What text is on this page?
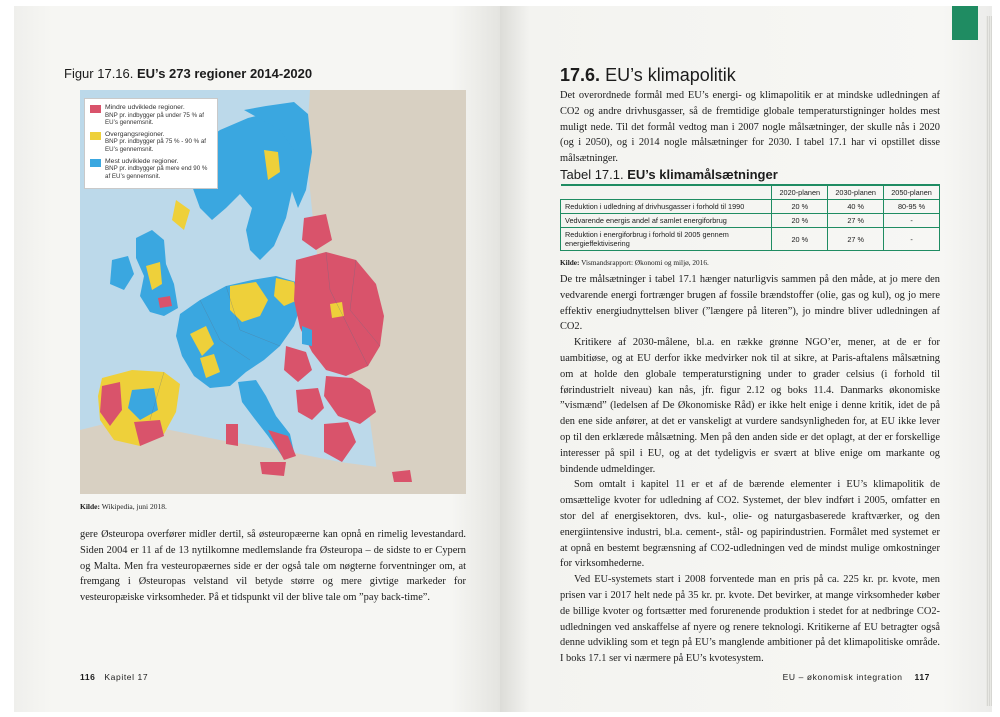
Figur 17.16. EU’s 273 regioner 2014-2020
Mindre udviklede regioner.
BNP pr. indbygger på under 75 % af EU’s gennemsnit.
Overgangsregioner.
BNP pr. indbygger på 75 % - 90 % af EU’s gennemsnit.
Mest udviklede regioner.
BNP pr. indbygger på mere end 90 % af EU’s gennemsnit.
Kilde: Wikipedia, juni 2018.

gere Østeuropa overfører midler dertil, så østeuropæerne kan opnå en rimelig levestandard. Siden 2004 er 11 af de 13 nytilkomne medlemslande fra Østeuropa – de sidste to er Cypern og Malta. Men fra vesteuropæernes side er der også tale om nøgterne forventninger om, at fremgang i Østeuropas velstand vil betyde større og mere givtige markeder for vesteuropæiske virksomheder. På et tidspunkt vil der blive tale om ”pay back-time”.

116 Kapitel 17
17.6. EU’s klimapolitik

Det overordnede formål med EU’s energi- og klimapolitik er at mindske udledningen af CO2 og andre drivhusgasser, så de fremtidige globale temperaturstigninger holdes mest muligt nede. Til det formål vedtog man i 2007 nogle målsætninger, der skulle nås i 2020 (og i 2050), og i 2014 nogle målsætninger for 2030. I tabel 17.1 har vi opstillet disse målsætninger.

Tabel 17.1. EU’s klimamålsætninger
	2020-planen	2030-planen	2050-planen
Reduktion i udledning af drivhusgasser i forhold til 1990	20 %	40 %	80-95 %
Vedvarende energis andel af samlet energiforbrug	20 %	27 %	-
Reduktion i energiforbrug i forhold til 2005 gennem energieffektivisering	20 %	27 %	-
Kilde: Vismandsrapport: Økonomi og miljø, 2016.

De tre målsætninger i tabel 17.1 hænger naturligvis sammen på den måde, at jo mere den vedvarende energi fortrænger brugen af fossile brændstoffer (olie, gas og kul), og jo mere effektiv energiudnyttelsen bliver (”længere på literen”), jo mindre bliver udledningen af CO2.

Kritikere af 2030-målene, bl.a. en række grønne NGO’er, mener, at de er for uambitiøse, og at EU derfor ikke medvirker nok til at sikre, at Paris-aftalens målsætning om at holde den globale temperaturstigning under to grader celsius (i forhold til førindustrielt niveau) kan nås, jfr. figur 2.12 og boks 11.4. Danmarks økonomiske ”vismænd” (ledelsen af De Økonomiske Råd) er ikke helt enige i denne kritik, idet de på den ene side anfører, at det er vanskeligt at vurdere sandsynligheden for, at EU ikke lever op til den erklærede målsætning. Men på den anden side er det oplagt, at der er forskellige interesser på spil i EU, og at det tydeligvis er svært at blive enige om markante og bindende udmeldinger.

Som omtalt i kapitel 11 er et af de bærende elementer i EU’s klimapolitik de omsættelige kvoter for udledning af CO2. Systemet, der blev indført i 2005, omfatter en stor del af energisektoren, dvs. kul-, olie- og naturgasbaserede kraftværker, og den energiintensive industri, bl.a. cement-, stål- og papirindustrien. Formålet med systemet er at opnå en bestemt begrænsning af CO2-udledningen ved de mindst mulige omkostninger for virksomhederne.

Ved EU-systemets start i 2008 forventede man en pris på ca. 225 kr. pr. kvote, men prisen var i 2017 helt nede på 35 kr. pr. kvote. Det bevirker, at mange virksomheder køber de billige kvoter og fortsætter med forurenende produktion i stedet for at nedbringe CO2-udledningen ved anskaffelse af nyere og renere teknologi. Kritikerne af EU betragter også denne udvikling som et tegn på EU’s manglende ambitioner på det klimapolitiske område. I boks 17.1 ser vi nærmere på EU’s kvotesystem.

EU – økonomisk integration 117
